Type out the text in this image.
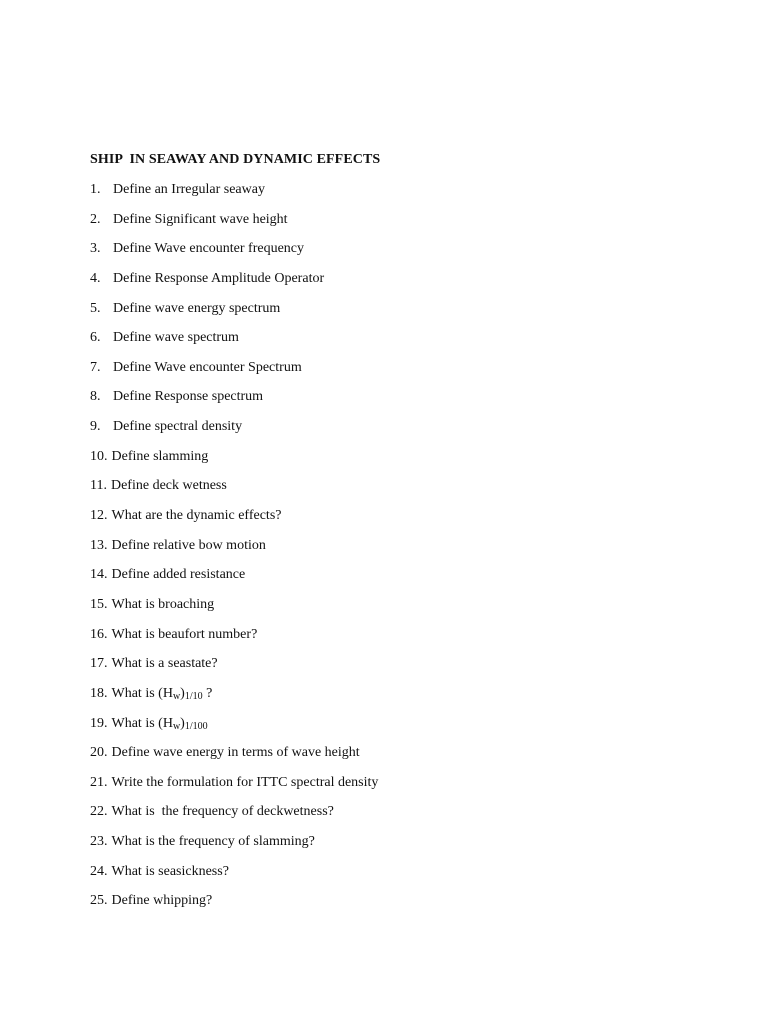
SHIP  IN SEAWAY AND DYNAMIC EFFECTS
1. Define an Irregular seaway
2. Define Significant wave height
3. Define Wave encounter frequency
4. Define Response Amplitude Operator
5. Define wave energy spectrum
6. Define wave spectrum
7. Define Wave encounter Spectrum
8. Define Response spectrum
9. Define spectral density
10. Define slamming
11. Define deck wetness
12. What are the dynamic effects?
13. Define relative bow motion
14. Define added resistance
15. What is broaching
16. What is beaufort number?
17. What is a seastate?
18. What is $(H_w)_{1/10}$ ?
19. What is $(H_w)_{1/100}$
20. Define wave energy in terms of wave height
21. Write the formulation for ITTC spectral density
22. What is  the frequency of deckwetness?
23. What is the frequency of slamming?
24. What is seasickness?
25. Define whipping?
